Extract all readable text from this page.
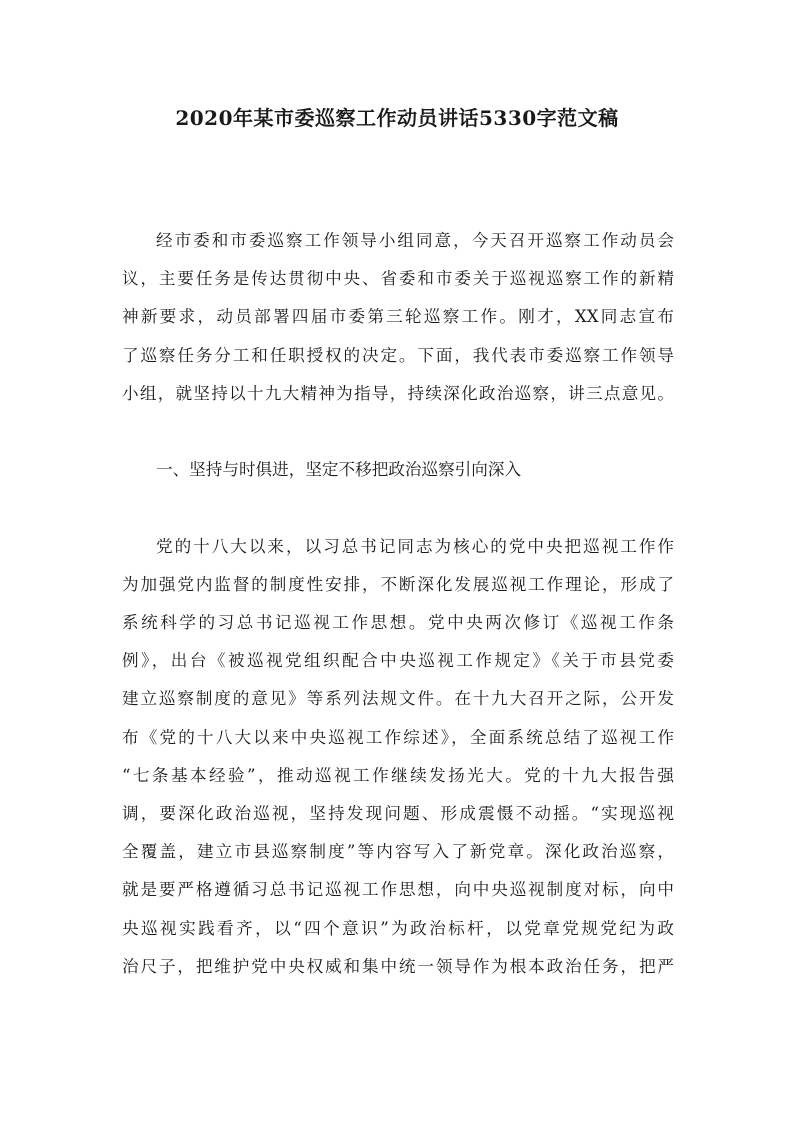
2020年某市委巡察工作动员讲话5330字范文稿
经市委和市委巡察工作领导小组同意，今天召开巡察工作动员会
议，主要任务是传达贯彻中央、省委和市委关于巡视巡察工作的新精
神新要求，动员部署四届市委第三轮巡察工作。刚才，XX同志宣布
了巡察任务分工和任职授权的决定。下面，我代表市委巡察工作领导
小组，就坚持以十九大精神为指导，持续深化政治巡察，讲三点意见。
一、坚持与时俱进，坚定不移把政治巡察引向深入
党的十八大以来，以习总书记同志为核心的党中央把巡视工作作
为加强党内监督的制度性安排，不断深化发展巡视工作理论，形成了
系统科学的习总书记巡视工作思想。党中央两次修订《巡视工作条
例》，出台《被巡视党组织配合中央巡视工作规定》《关于市县党委
建立巡察制度的意见》等系列法规文件。在十九大召开之际，公开发
布《党的十八大以来中央巡视工作综述》，全面系统总结了巡视工作
“七条基本经验”，推动巡视工作继续发扬光大。党的十九大报告强
调，要深化政治巡视，坚持发现问题、形成震慑不动摇。“实现巡视
全覆盖，建立市县巡察制度”等内容写入了新党章。深化政治巡察，
就是要严格遵循习总书记巡视工作思想，向中央巡视制度对标，向中
央巡视实践看齐，以“四个意识”为政治标杆，以党章党规党纪为政
治尺子，把维护党中央权威和集中统一领导作为根本政治任务，把严
